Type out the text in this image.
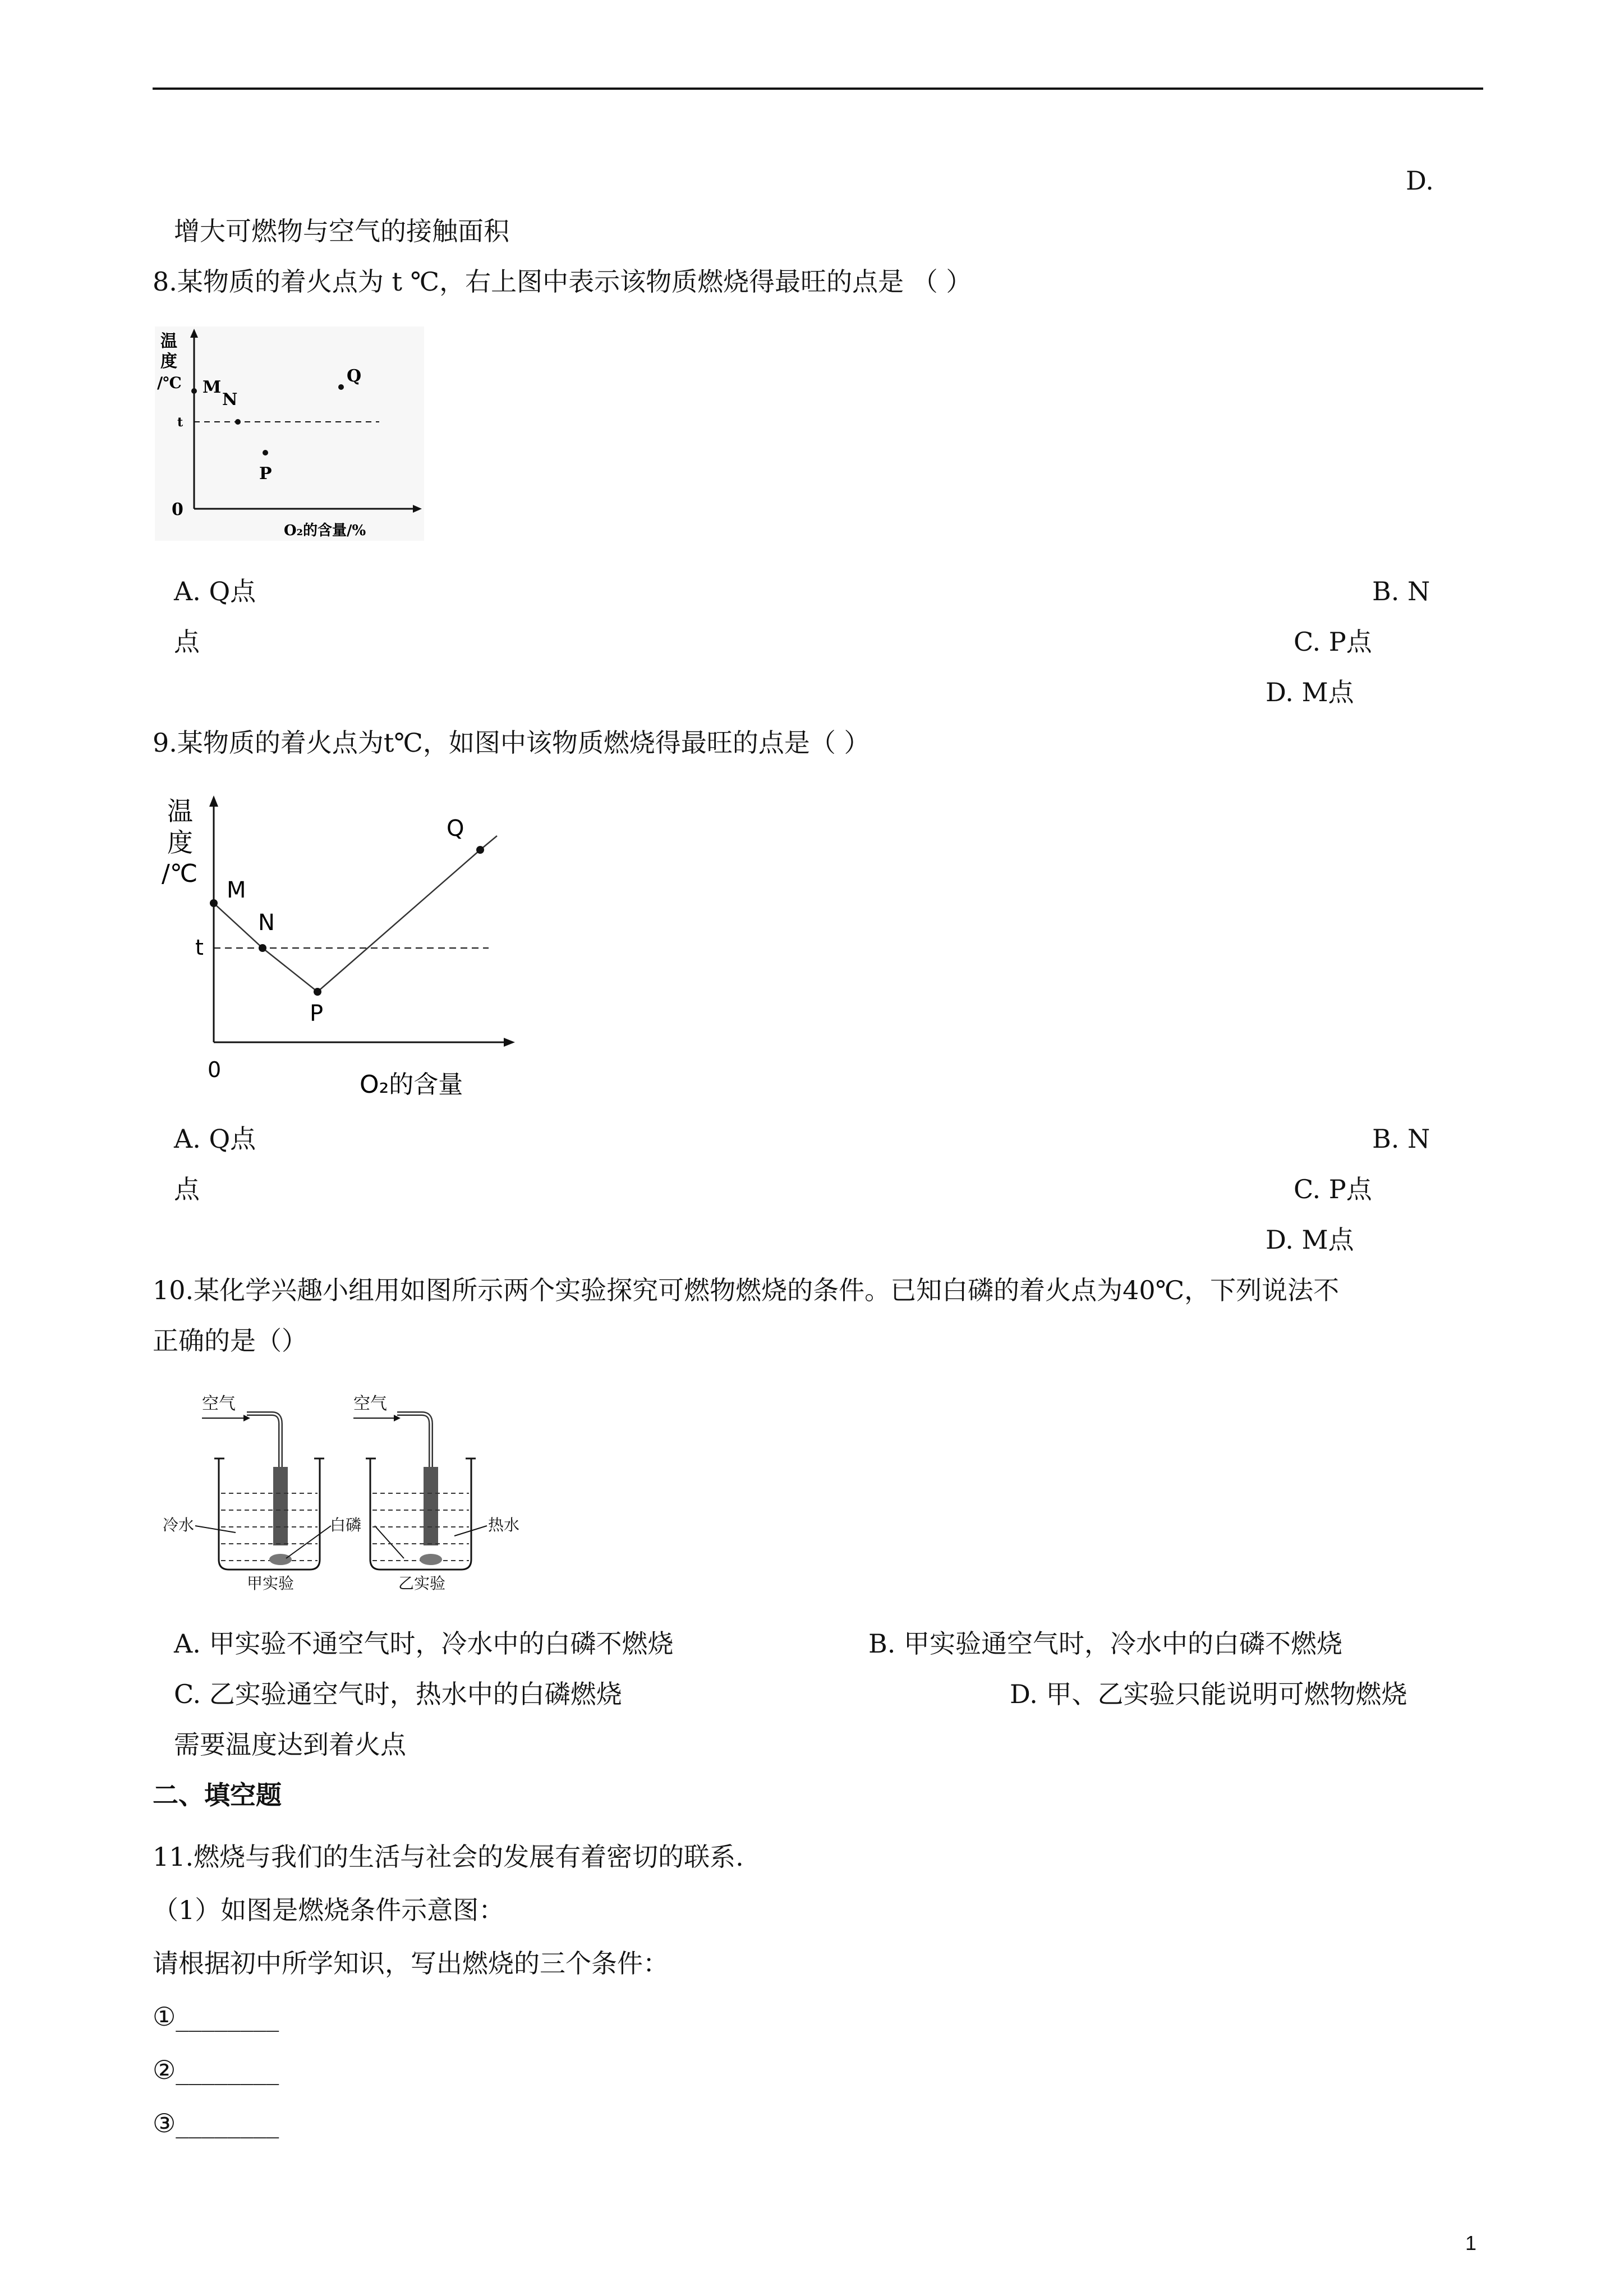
D.
增大可燃物与空气的接触面积
8.某物质的着火点为 t ℃，右上图中表示该物质燃烧得最旺的点是 （ ）
温
度
/℃ M
N
Q
P
t
0
O₂的含量/%
A. Q点	B. N
点	C. P点
D. M点
9.某物质的着火点为t℃，如图中该物质燃烧得最旺的点是（ ）
温
度
/℃
M
N
P
Q
t
0
O₂的含量
A. Q点	B. N
点	C. P点
D. M点
10.某化学兴趣小组用如图所示两个实验探究可燃物燃烧的条件。已知白磷的着火点为40℃，下列说法不
正确的是（）
空气
冷水	白磷
甲实验
空气
热水
乙实验
A. 甲实验不通空气时，冷水中的白磷不燃烧	B. 甲实验通空气时，冷水中的白磷不燃烧
C. 乙实验通空气时，热水中的白磷燃烧	D. 甲、乙实验只能说明可燃物燃烧
需要温度达到着火点
二、填空题
11.燃烧与我们的生活与社会的发展有着密切的联系.
（1）如图是燃烧条件示意图：
请根据初中所学知识，写出燃烧的三个条件：
①________
②________
③________
1
